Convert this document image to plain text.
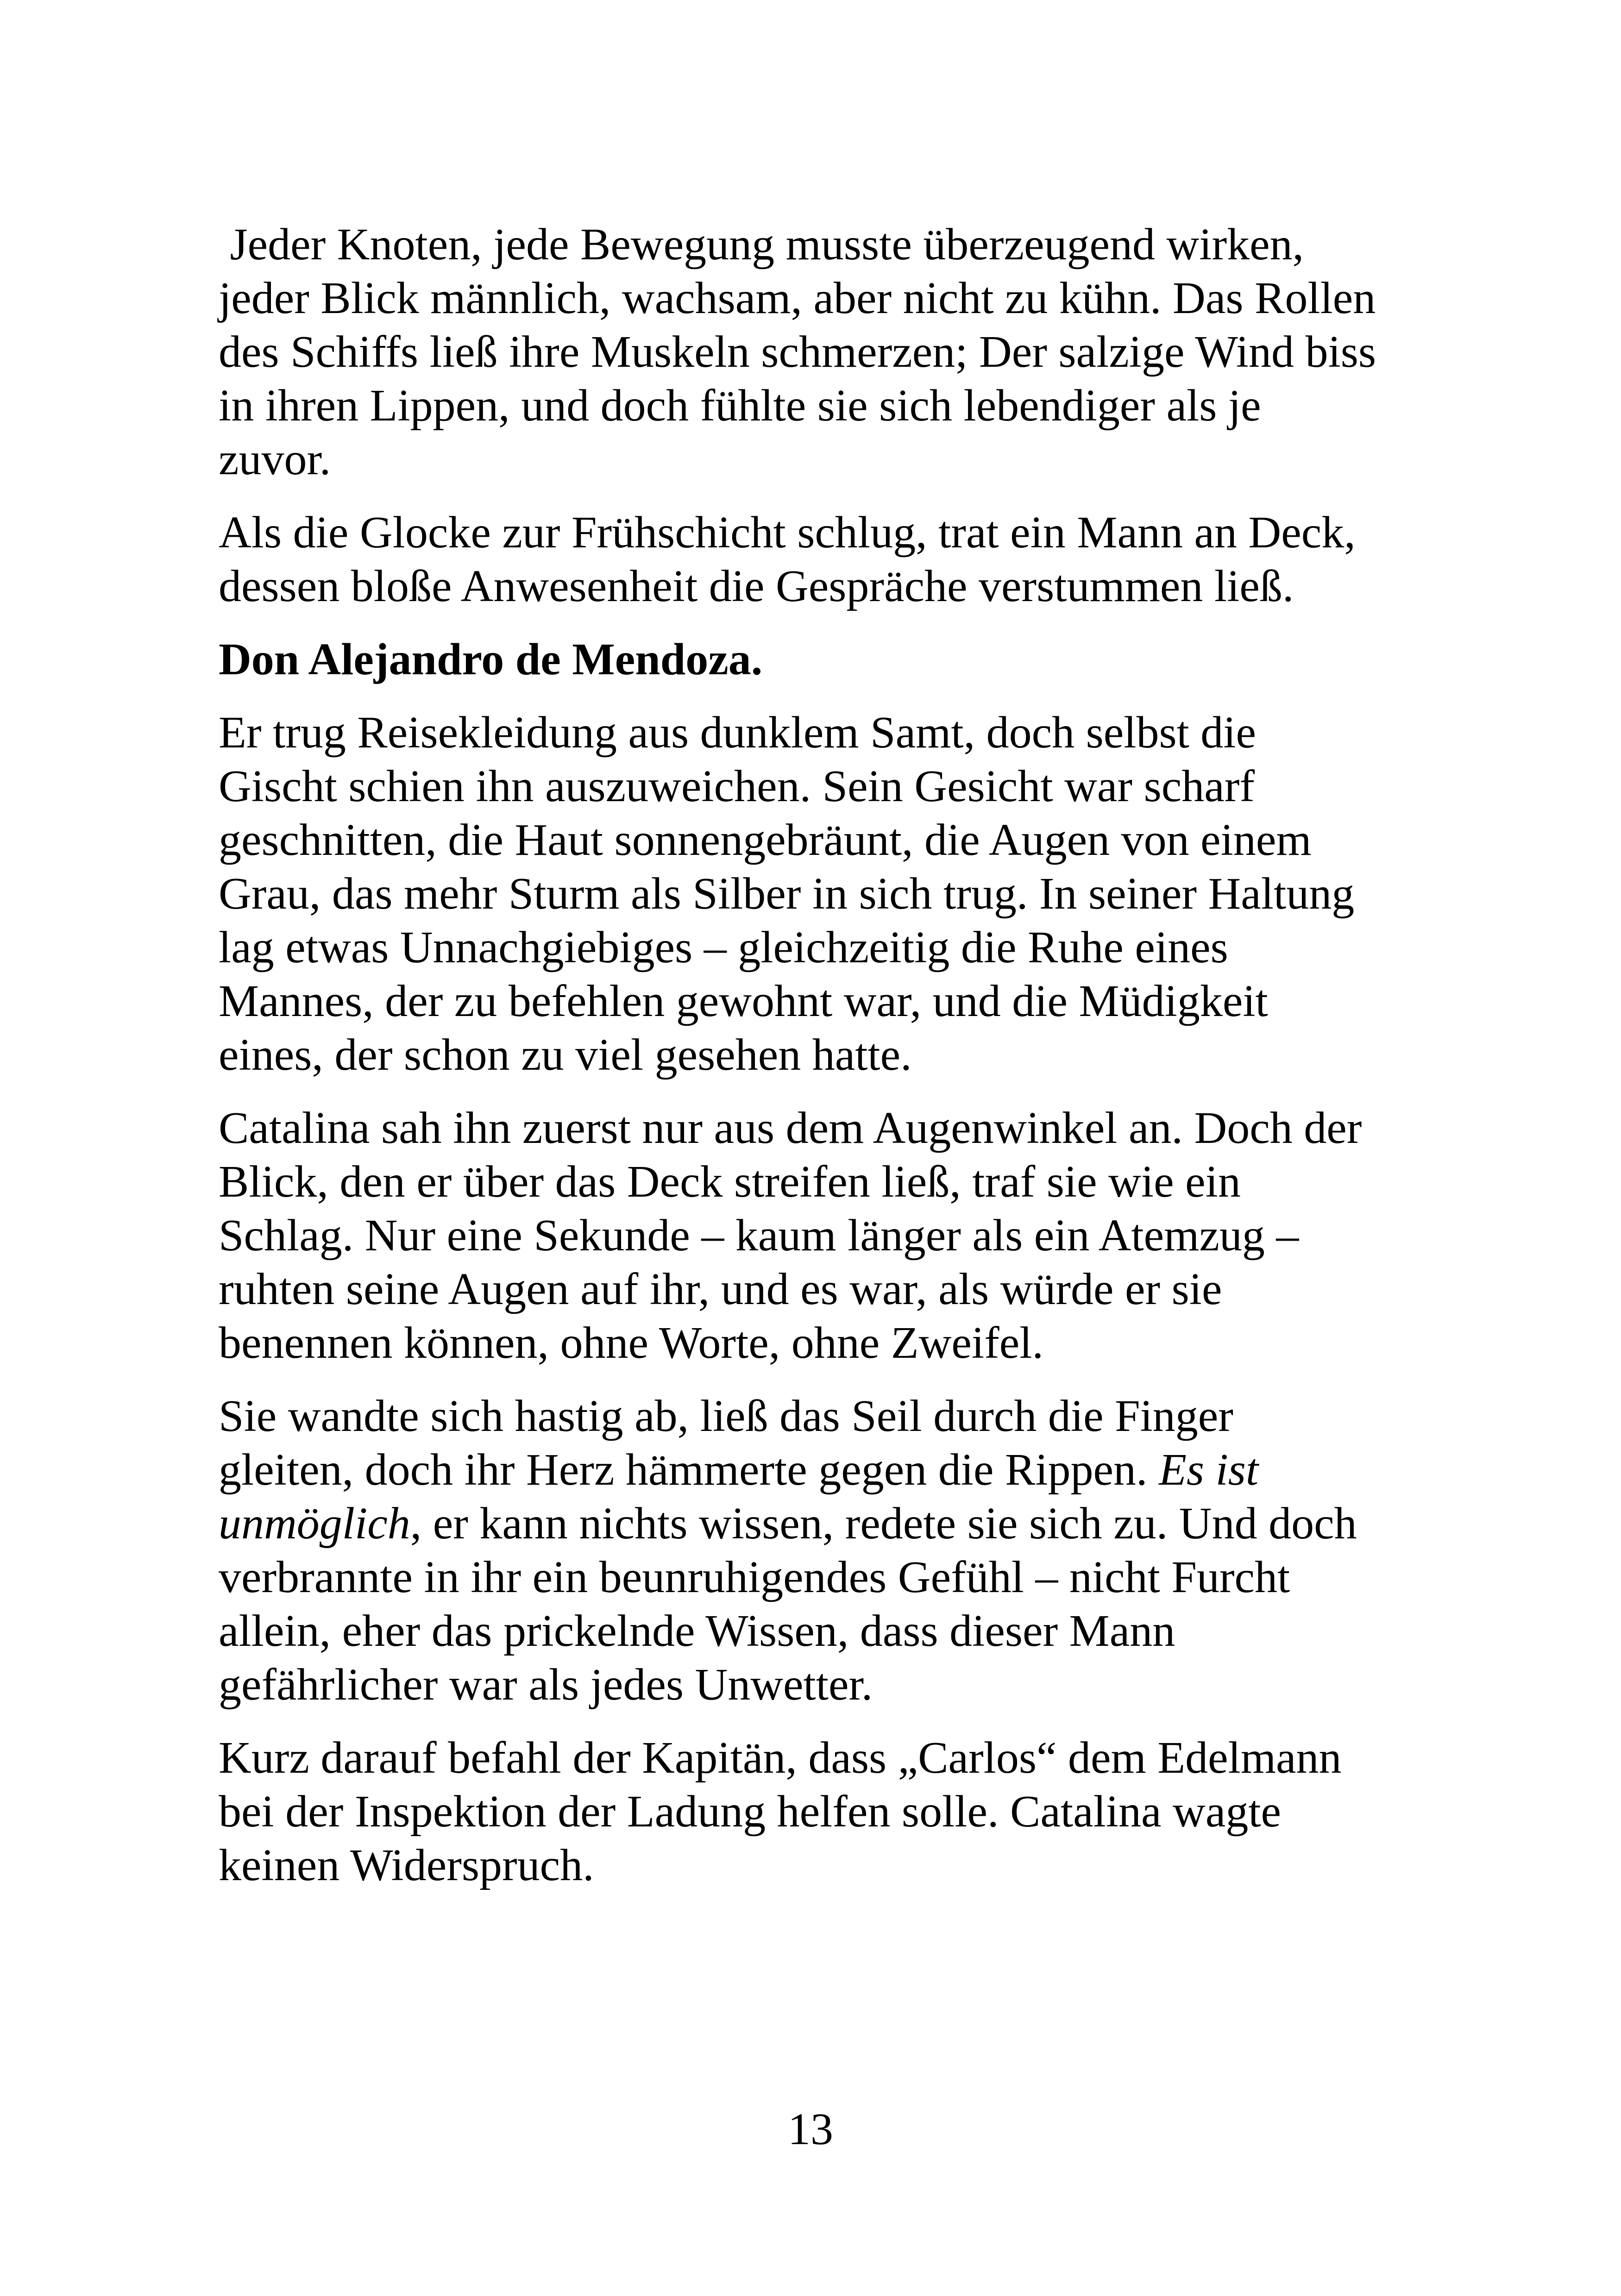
Jeder Knoten, jede Bewegung musste überzeugend wirken,
jeder Blick männlich, wachsam, aber nicht zu kühn. Das Rollen
des Schiffs ließ ihre Muskeln schmerzen; Der salzige Wind biss
in ihren Lippen, und doch fühlte sie sich lebendiger als je
zuvor.

Als die Glocke zur Frühschicht schlug, trat ein Mann an Deck,
dessen bloße Anwesenheit die Gespräche verstummen ließ.

Don Alejandro de Mendoza.

Er trug Reisekleidung aus dunklem Samt, doch selbst die
Gischt schien ihn auszuweichen. Sein Gesicht war scharf
geschnitten, die Haut sonnengebräunt, die Augen von einem
Grau, das mehr Sturm als Silber in sich trug. In seiner Haltung
lag etwas Unnachgiebiges – gleichzeitig die Ruhe eines
Mannes, der zu befehlen gewohnt war, und die Müdigkeit
eines, der schon zu viel gesehen hatte.

Catalina sah ihn zuerst nur aus dem Augenwinkel an. Doch der
Blick, den er über das Deck streifen ließ, traf sie wie ein
Schlag. Nur eine Sekunde – kaum länger als ein Atemzug –
ruhten seine Augen auf ihr, und es war, als würde er sie
benennen können, ohne Worte, ohne Zweifel.

Sie wandte sich hastig ab, ließ das Seil durch die Finger
gleiten, doch ihr Herz hämmerte gegen die Rippen. Es ist
unmöglich, er kann nichts wissen, redete sie sich zu. Und doch
verbrannte in ihr ein beunruhigendes Gefühl – nicht Furcht
allein, eher das prickelnde Wissen, dass dieser Mann
gefährlicher war als jedes Unwetter.

Kurz darauf befahl der Kapitän, dass „Carlos“ dem Edelmann
bei der Inspektion der Ladung helfen solle. Catalina wagte
keinen Widerspruch.

13
